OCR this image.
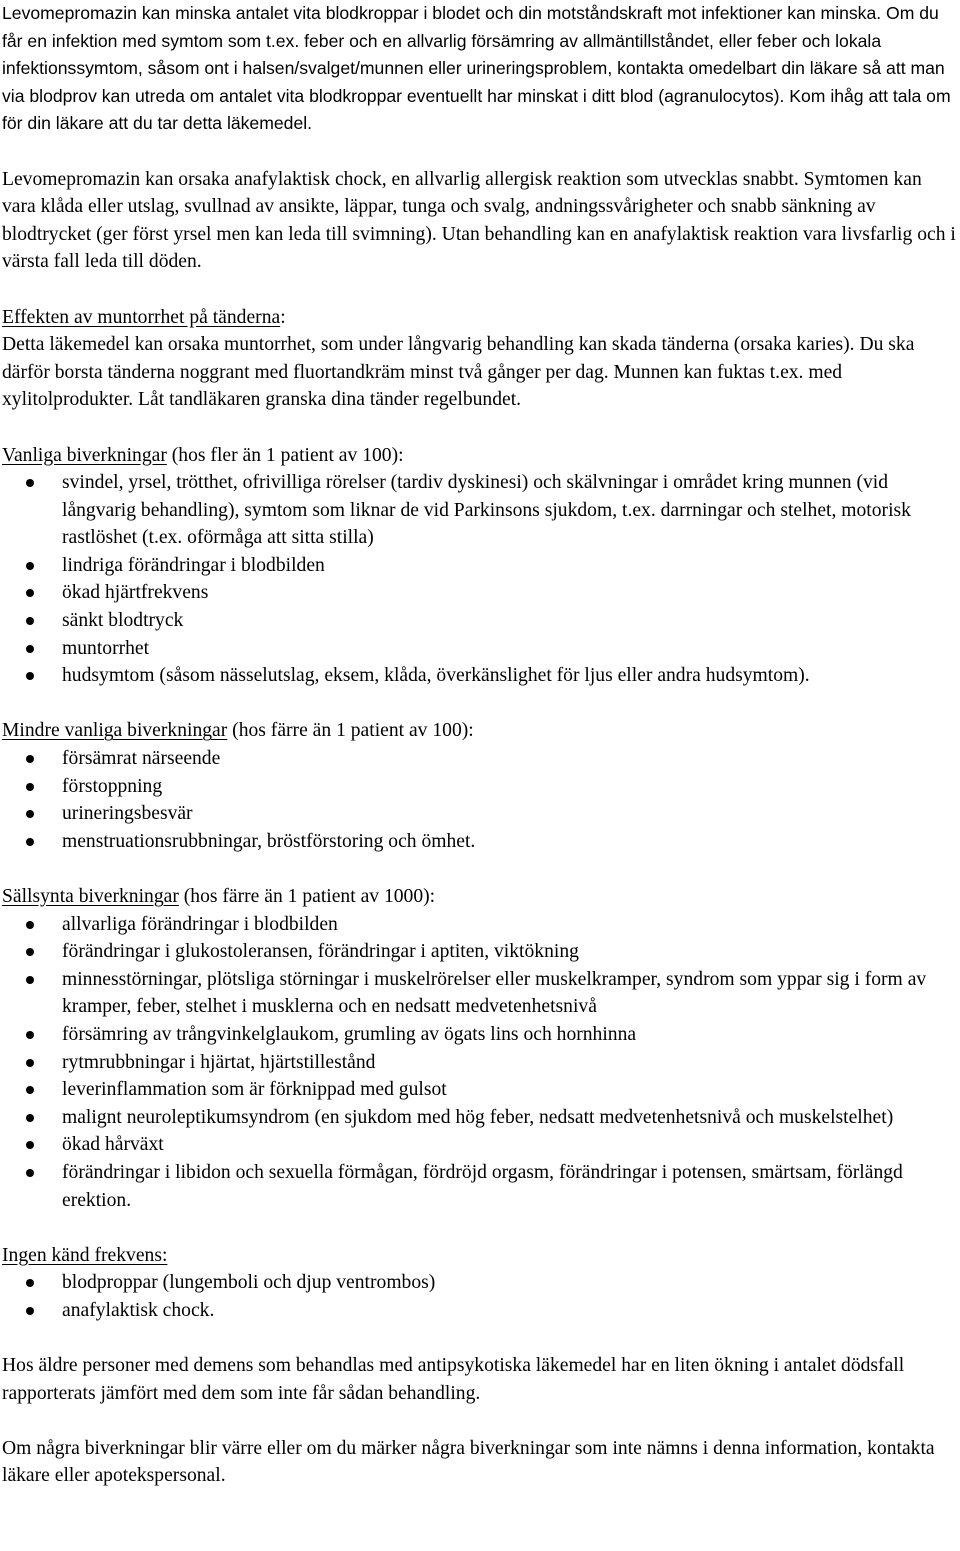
Levomepromazin kan minska antalet vita blodkroppar i blodet och din motståndskraft mot infektioner kan minska. Om du får en infektion med symtom som t.ex. feber och en allvarlig försämring av allmäntillståndet, eller feber och lokala infektionssymtom, såsom ont i halsen/svalget/munnen eller urineringsproblem, kontakta omedelbart din läkare så att man via blodprov kan utreda om antalet vita blodkroppar eventuellt har minskat i ditt blod (agranulocytos). Kom ihåg att tala om för din läkare att du tar detta läkemedel.

Levomepromazin kan orsaka anafylaktisk chock, en allvarlig allergisk reaktion som utvecklas snabbt. Symtomen kan vara klåda eller utslag, svullnad av ansikte, läppar, tunga och svalg, andningssvårigheter och snabb sänkning av blodtrycket (ger först yrsel men kan leda till svimning). Utan behandling kan en anafylaktisk reaktion vara livsfarlig och i värsta fall leda till döden.

Effekten av muntorrhet på tänderna:

Detta läkemedel kan orsaka muntorrhet, som under långvarig behandling kan skada tänderna (orsaka karies). Du ska därför borsta tänderna noggrant med fluortandkräm minst två gånger per dag. Munnen kan fuktas t.ex. med xylitolprodukter. Låt tandläkaren granska dina tänder regelbundet.

Vanliga biverkningar (hos fler än 1 patient av 100):

svindel, yrsel, trötthet, ofrivilliga rörelser (tardiv dyskinesi) och skälvningar i området kring munnen (vid långvarig behandling), symtom som liknar de vid Parkinsons sjukdom, t.ex. darrningar och stelhet, motorisk rastlöshet (t.ex. oförmåga att sitta stilla)
lindriga förändringar i blodbilden
ökad hjärtfrekvens
sänkt blodtryck
muntorrhet
hudsymtom (såsom nässelutslag, eksem, klåda, överkänslighet för ljus eller andra hudsymtom).

Mindre vanliga biverkningar (hos färre än 1 patient av 100):

försämrat närseende
förstoppning
urineringsbesvär
menstruationsrubbningar, bröstförstoring och ömhet.

Sällsynta biverkningar (hos färre än 1 patient av 1000):

allvarliga förändringar i blodbilden
förändringar i glukostoleransen, förändringar i aptiten, viktökning
minnesstörningar, plötsliga störningar i muskelrörelser eller muskelkramper, syndrom som yppar sig i form av kramper, feber, stelhet i musklerna och en nedsatt medvetenhetsnivå
försämring av trångvinkelglaukom, grumling av ögats lins och hornhinna
rytmrubbningar i hjärtat, hjärtstillestånd
leverinflammation som är förknippad med gulsot
malignt neuroleptikumsyndrom (en sjukdom med hög feber, nedsatt medvetenhetsnivå och muskelstelhet)
ökad hårväxt
förändringar i libidon och sexuella förmågan, fördröjd orgasm, förändringar i potensen, smärtsam, förlängd erektion.

Ingen känd frekvens:

blodproppar (lungemboli och djup ventrombos)
anafylaktisk chock.

Hos äldre personer med demens som behandlas med antipsykotiska läkemedel har en liten ökning i antalet dödsfall rapporterats jämfört med dem som inte får sådan behandling.

Om några biverkningar blir värre eller om du märker några biverkningar som inte nämns i denna information, kontakta läkare eller apotekspersonal.
